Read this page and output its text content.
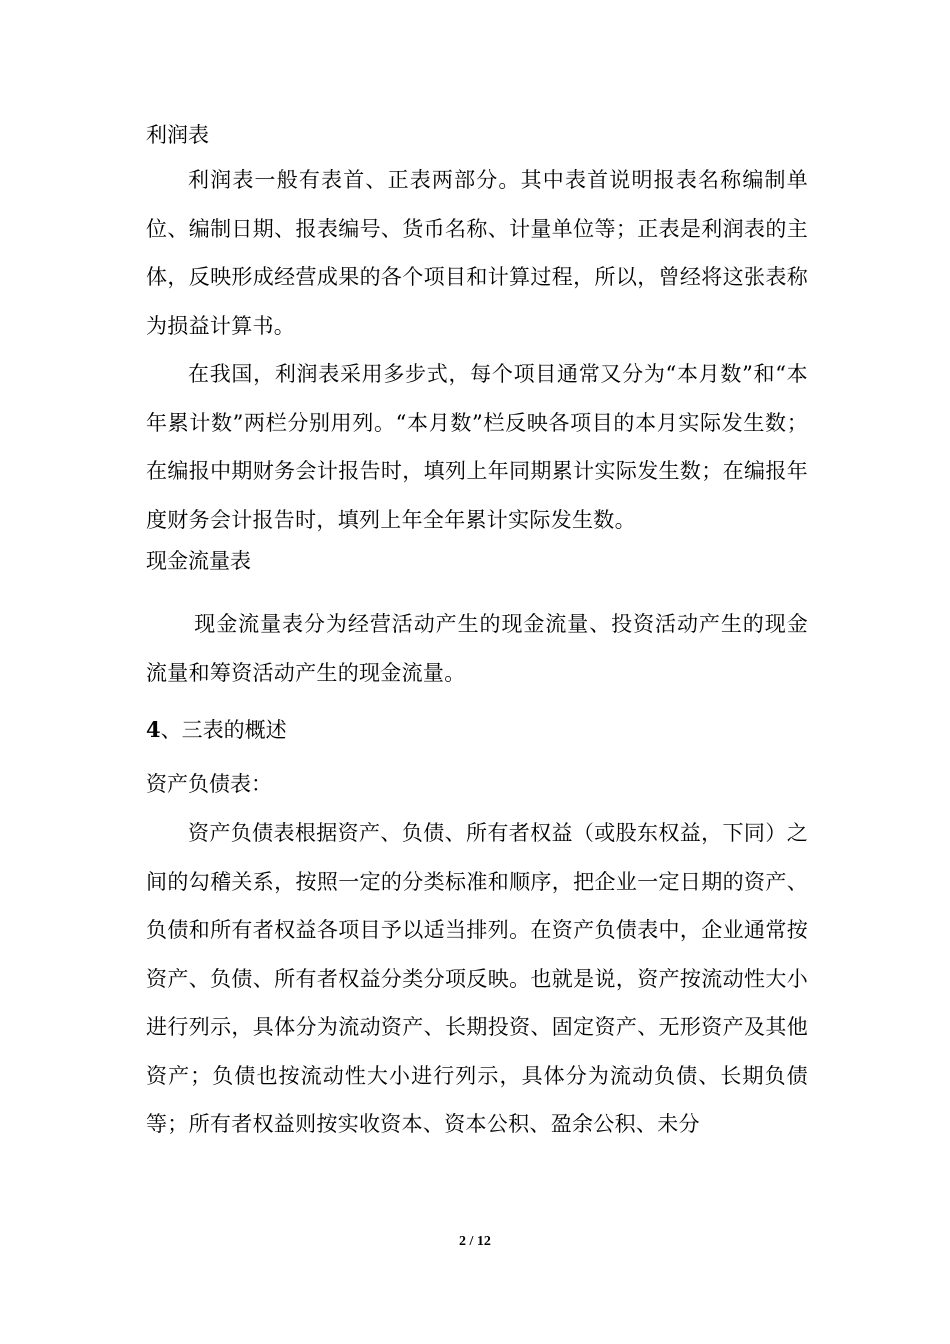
利润表

利润表一般有表首、正表两部分。其中表首说明报表名称编制单位、编制日期、报表编号、货币名称、计量单位等；正表是利润表的主体，反映形成经营成果的各个项目和计算过程，所以，曾经将这张表称为损益计算书。

在我国，利润表采用多步式，每个项目通常又分为“本月数”和“本年累计数”两栏分别用列。“本月数”栏反映各项目的本月实际发生数；在编报中期财务会计报告时，填列上年同期累计实际发生数；在编报年度财务会计报告时，填列上年全年累计实际发生数。

现金流量表

现金流量表分为经营活动产生的现金流量、投资活动产生的现金流量和筹资活动产生的现金流量。

4、三表的概述

资产负债表：

资产负债表根据资产、负债、所有者权益（或股东权益，下同）之间的勾稽关系，按照一定的分类标准和顺序，把企业一定日期的资产、负债和所有者权益各项目予以适当排列。在资产负债表中，企业通常按资产、负债、所有者权益分类分项反映。也就是说，资产按流动性大小进行列示，具体分为流动资产、长期投资、固定资产、无形资产及其他资产；负债也按流动性大小进行列示，具体分为流动负债、长期负债等；所有者权益则按实收资本、资本公积、盈余公积、未分

2 / 12
